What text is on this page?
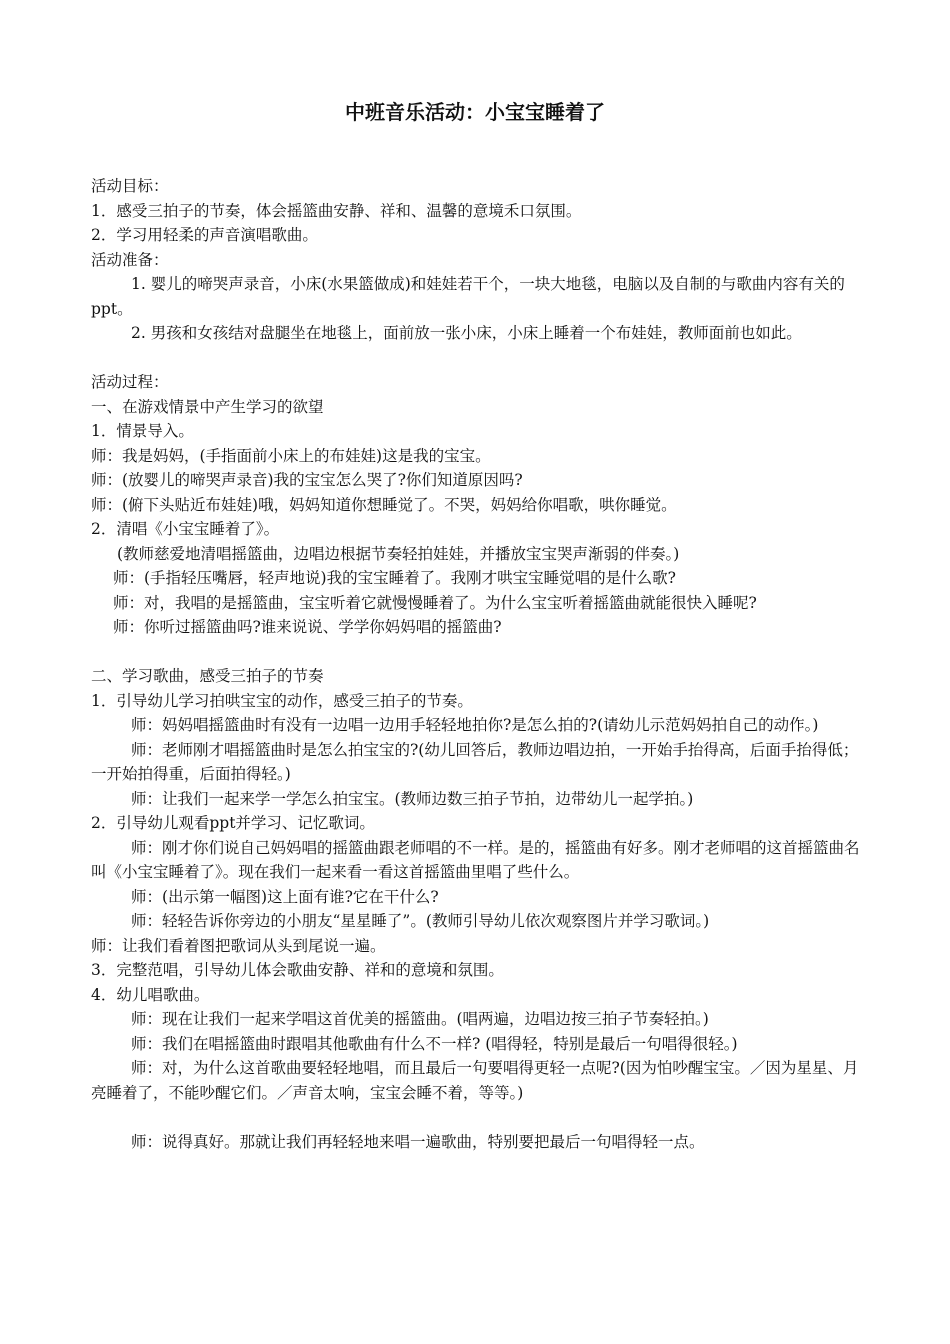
中班音乐活动：小宝宝睡着了
活动目标：
1．感受三拍子的节奏，体会摇篮曲安静、祥和、温馨的意境禾口氛围。
2．学习用轻柔的声音演唱歌曲。
活动准备：
1. 婴儿的啼哭声录音，小床(水果篮做成)和娃娃若干个，一块大地毯，电脑以及自制的与歌曲内容有关的ppt。
2. 男孩和女孩结对盘腿坐在地毯上，面前放一张小床，小床上睡着一个布娃娃，教师面前也如此。
活动过程：
一、在游戏情景中产生学习的欲望
1．情景导入。
师：我是妈妈，(手指面前小床上的布娃娃)这是我的宝宝。
师：(放婴儿的啼哭声录音)我的宝宝怎么哭了?你们知道原因吗?
师：(俯下头贴近布娃娃)哦，妈妈知道你想睡觉了。不哭，妈妈给你唱歌，哄你睡觉。
2．清唱《小宝宝睡着了》。
(教师慈爱地清唱摇篮曲，边唱边根据节奏轻拍娃娃，并播放宝宝哭声渐弱的伴奏。)
师：(手指轻压嘴唇，轻声地说)我的宝宝睡着了。我刚才哄宝宝睡觉唱的是什么歌?
师：对，我唱的是摇篮曲，宝宝听着它就慢慢睡着了。为什么宝宝听着摇篮曲就能很快入睡呢?
师：你听过摇篮曲吗?谁来说说、学学你妈妈唱的摇篮曲?
二、学习歌曲，感受三拍子的节奏
1．引导幼儿学习拍哄宝宝的动作，感受三拍子的节奏。
师：妈妈唱摇篮曲时有没有一边唱一边用手轻轻地拍你?是怎么拍的?(请幼儿示范妈妈拍自己的动作。)
师：老师刚才唱摇篮曲时是怎么拍宝宝的?(幼儿回答后，教师边唱边拍，一开始手抬得高，后面手抬得低；一开始拍得重，后面拍得轻。)
师：让我们一起来学一学怎么拍宝宝。(教师边数三拍子节拍，边带幼儿一起学拍。)
2．引导幼儿观看ppt并学习、记忆歌词。
师：刚才你们说自己妈妈唱的摇篮曲跟老师唱的不一样。是的，摇篮曲有好多。刚才老师唱的这首摇篮曲名叫《小宝宝睡着了》。现在我们一起来看一看这首摇篮曲里唱了些什么。
师：(出示第一幅图)这上面有谁?它在干什么?
师：轻轻告诉你旁边的小朋友“星星睡了”。(教师引导幼儿依次观察图片并学习歌词。)
师：让我们看着图把歌词从头到尾说一遍。
3．完整范唱，引导幼儿体会歌曲安静、祥和的意境和氛围。
4．幼儿唱歌曲。
师：现在让我们一起来学唱这首优美的摇篮曲。(唱两遍，边唱边按三拍子节奏轻拍。)
师：我们在唱摇篮曲时跟唱其他歌曲有什么不一样? (唱得轻，特别是最后一句唱得很轻。)
师：对，为什么这首歌曲要轻轻地唱，而且最后一句要唱得更轻一点呢?(因为怕吵醒宝宝。／因为星星、月亮睡着了，不能吵醒它们。／声音太响，宝宝会睡不着，等等。)
师：说得真好。那就让我们再轻轻地来唱一遍歌曲，特别要把最后一句唱得轻一点。
